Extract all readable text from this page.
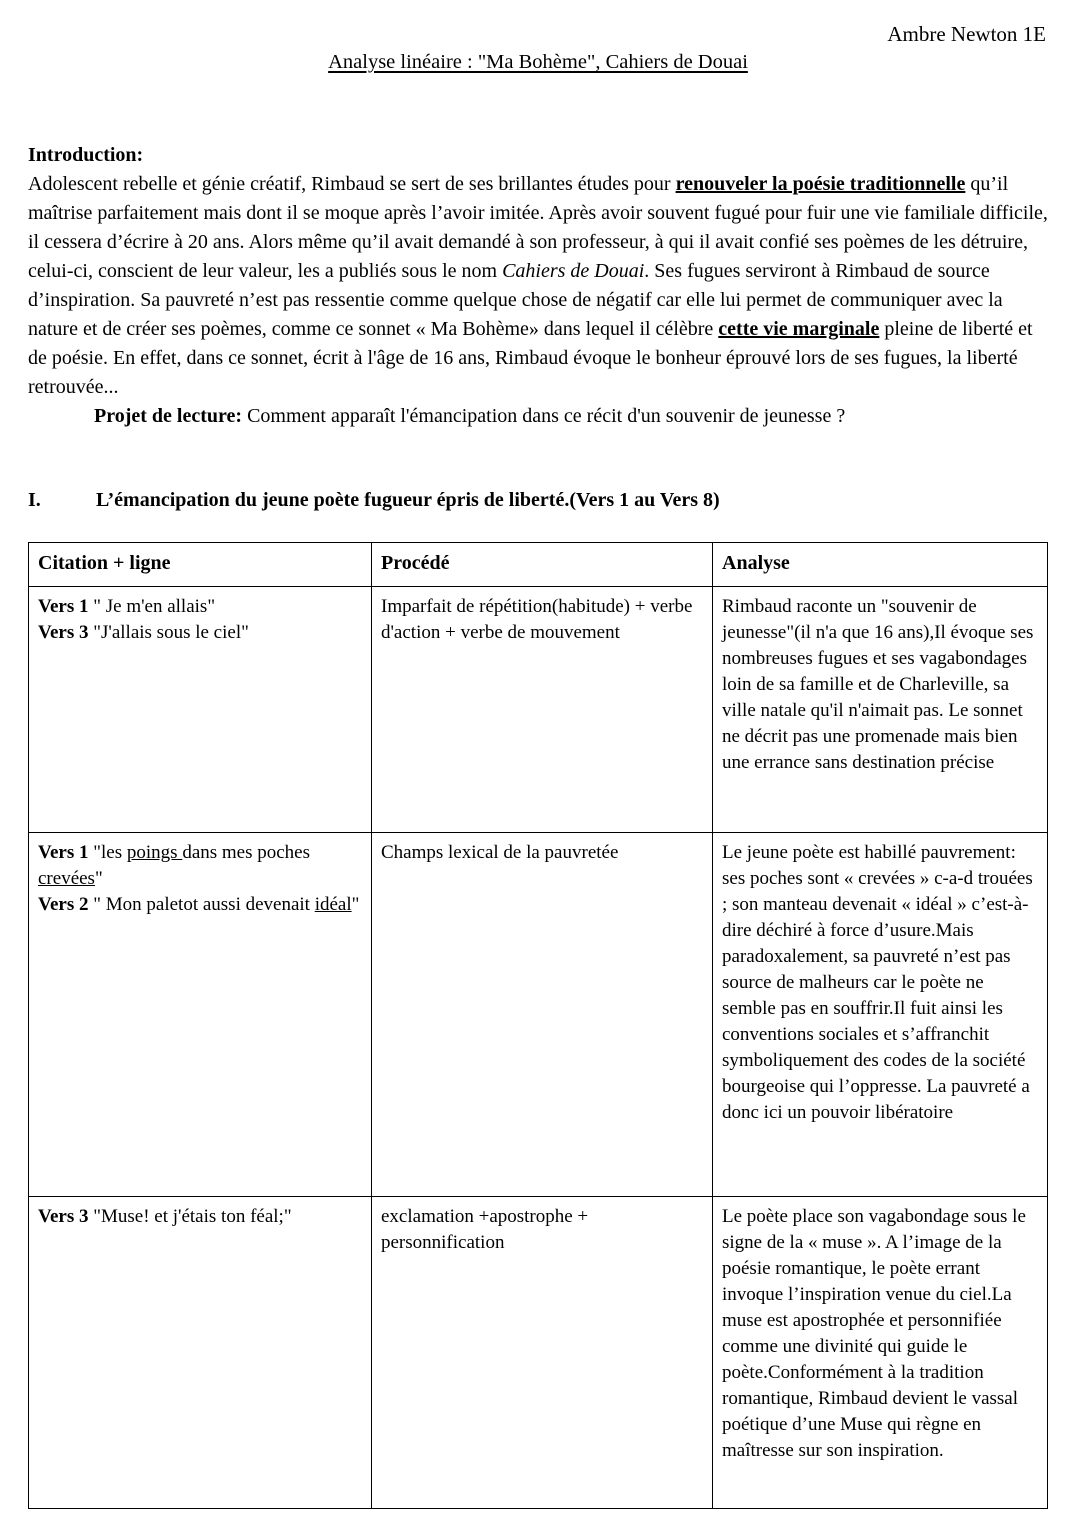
Ambre Newton 1E
Analyse linéaire : "Ma Bohème", Cahiers de Douai
Introduction:
Adolescent rebelle et génie créatif, Rimbaud se sert de ses brillantes études pour renouveler la poésie traditionnelle qu’il maîtrise parfaitement mais dont il se moque après l’avoir imitée. Après avoir souvent fugué pour fuir une vie familiale difficile, il cessera d’écrire à 20 ans. Alors même qu’il avait demandé à son professeur, à qui il avait confié ses poèmes de les détruire, celui-ci, conscient de leur valeur, les a publiés sous le nom Cahiers de Douai. Ses fugues serviront à Rimbaud de source d’inspiration. Sa pauvreté n’est pas ressentie comme quelque chose de négatif car elle lui permet de communiquer avec la nature et de créer ses poèmes, comme ce sonnet « Ma Bohème» dans lequel il célèbre cette vie marginale pleine de liberté et de poésie. En effet, dans ce sonnet, écrit à l'âge de 16 ans, Rimbaud évoque le bonheur éprouvé lors de ses fugues, la liberté retrouvée...
Projet de lecture: Comment apparaît l'émancipation dans ce récit d'un souvenir de jeunesse ?
I.	L’émancipation du jeune poète fugueur épris de liberté.(Vers 1 au Vers 8)
Citation + ligne	Procédé	Analyse
Vers 1 " Je m'en allais"
Vers 3 "J'allais sous le ciel"	Imparfait de répétition(habitude) + verbe d'action + verbe de mouvement	Rimbaud raconte un "souvenir de jeunesse"(il n'a que 16 ans),Il évoque ses nombreuses fugues et ses vagabondages loin de sa famille et de Charleville, sa ville natale qu'il n'aimait pas. Le sonnet ne décrit pas une promenade mais bien une errance sans destination précise
Vers 1 "les poings dans mes poches crevées"
Vers 2 " Mon paletot aussi devenait idéal"	Champs lexical de la pauvretée	Le jeune poète est habillé pauvrement: ses poches sont « crevées » c-a-d trouées ; son manteau devenait « idéal » c’est-à-dire déchiré à force d’usure.Mais paradoxalement, sa pauvreté n’est pas source de malheurs car le poète ne semble pas en souffrir.Il fuit ainsi les conventions sociales et s’affranchit symboliquement des codes de la société bourgeoise qui l’oppresse. La pauvreté a donc ici un pouvoir libératoire
Vers 3 "Muse! et j'étais ton féal;"	exclamation +apostrophe + personnification	Le poète place son vagabondage sous le signe de la « muse ». A l’image de la poésie romantique, le poète errant invoque l’inspiration venue du ciel.La muse est apostrophée et personnifiée comme une divinité qui guide le poète.Conformément à la tradition romantique, Rimbaud devient le vassal poétique d’une Muse qui règne en maîtresse sur son inspiration.
